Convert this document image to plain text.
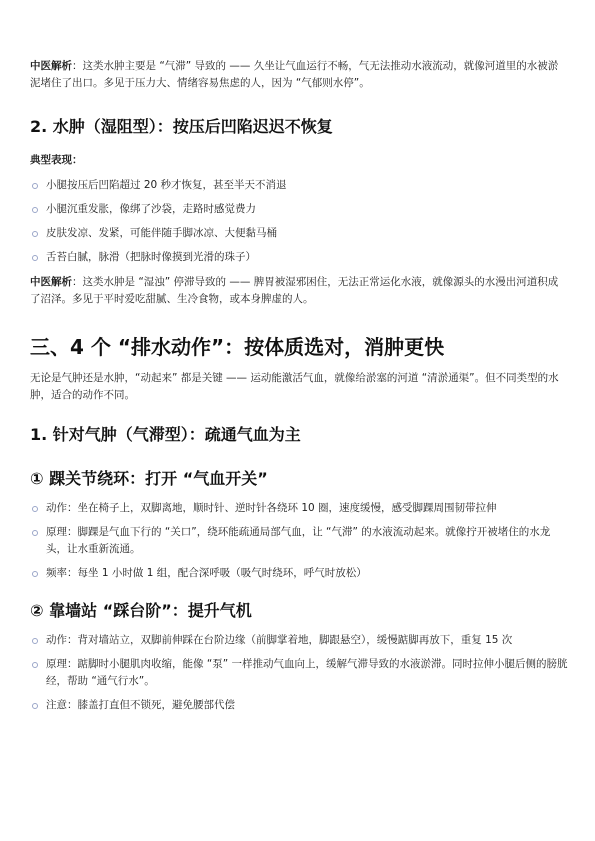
中医解析：这类水肿主要是 “气滞” 导致的 —— 久坐让气血运行不畅，气无法推动水液流动，就像河道里的水被淤泥堵住了出口。多见于压力大、情绪容易焦虑的人，因为 “气郁则水停”。

2. 水肿（湿阻型）：按压后凹陷迟迟不恢复

典型表现：

小腿按压后凹陷超过 20 秒才恢复，甚至半天不消退
小腿沉重发胀，像绑了沙袋，走路时感觉费力
皮肤发凉、发紧，可能伴随手脚冰凉、大便黏马桶
舌苔白腻，脉滑（把脉时像摸到光滑的珠子）

中医解析：这类水肿是 “湿浊” 停滞导致的 —— 脾胃被湿邪困住，无法正常运化水液，就像源头的水漫出河道积成了沼泽。多见于平时爱吃甜腻、生冷食物，或本身脾虚的人。

三、4 个 “排水动作”：按体质选对，消肿更快

无论是气肿还是水肿，“动起来” 都是关键 —— 运动能激活气血，就像给淤塞的河道 “清淤通渠”。但不同类型的水肿，适合的动作不同。

1. 针对气肿（气滞型）：疏通气血为主
① 踝关节绕环：打开 “气血开关”
动作：坐在椅子上，双脚离地，顺时针、逆时针各绕环 10 圈，速度缓慢，感受脚踝周围韧带拉伸
原理：脚踝是气血下行的 “关口”，绕环能疏通局部气血，让 “气滞” 的水液流动起来。就像拧开被堵住的水龙头，让水重新流通。
频率：每坐 1 小时做 1 组，配合深呼吸（吸气时绕环，呼气时放松）
② 靠墙站 “踩台阶”：提升气机
动作：背对墙站立，双脚前伸踩在台阶边缘（前脚掌着地，脚跟悬空），缓慢踮脚再放下，重复 15 次
原理：踮脚时小腿肌肉收缩，能像 “泵” 一样推动气血向上，缓解气滞导致的水液淤滞。同时拉伸小腿后侧的膀胱经，帮助 “通气行水”。
注意：膝盖打直但不锁死，避免腰部代偿
